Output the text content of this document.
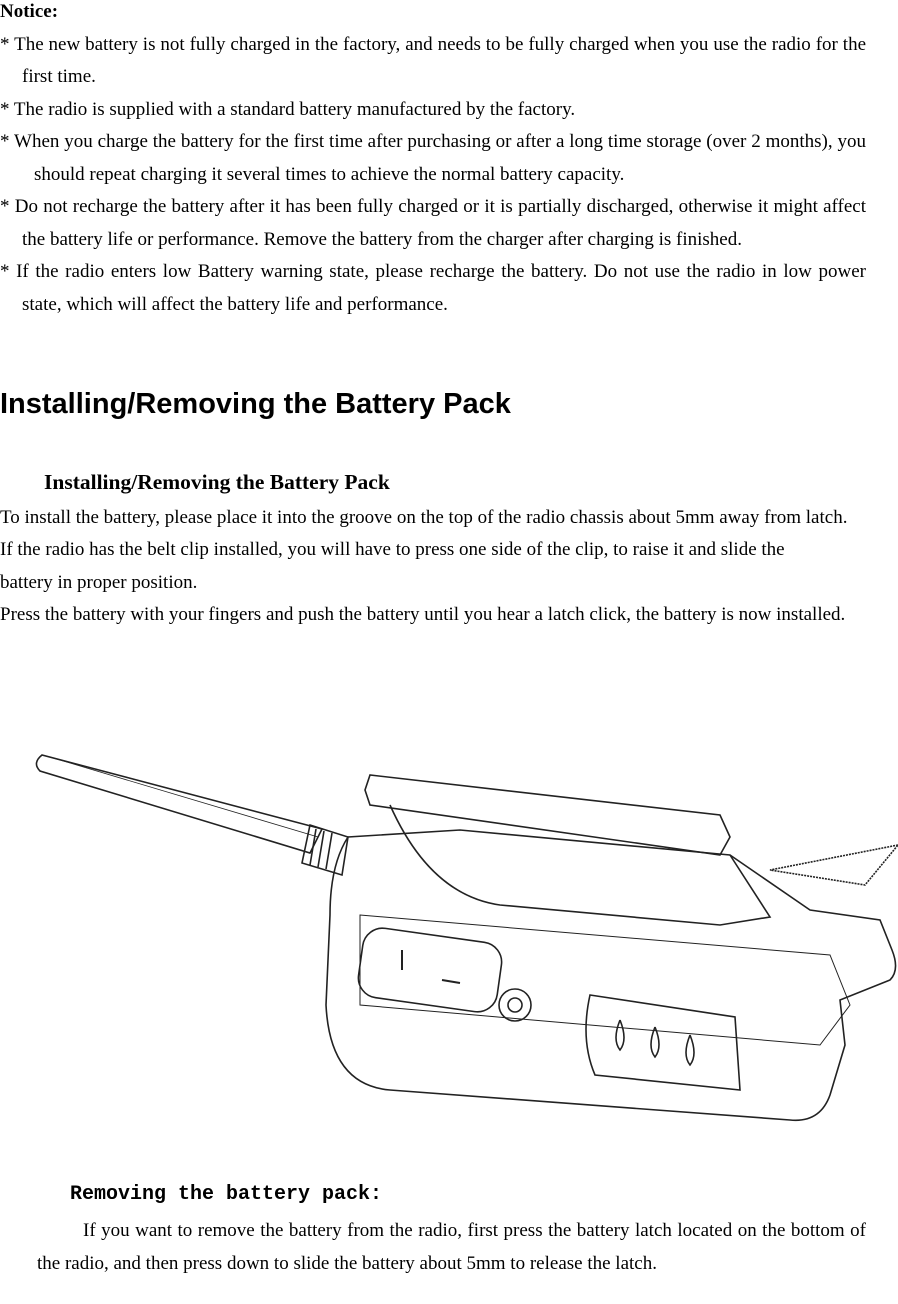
Notice:
* The new battery is not fully charged in the factory, and needs to be fully charged when you use the radio for the first time.
* The radio is supplied with a standard battery manufactured by the factory.
* When you charge the battery for the first time after purchasing or after a long time storage (over 2 months), you should repeat charging it several times to achieve the normal battery capacity.
* Do not recharge the battery after it has been fully charged or it is partially discharged, otherwise it might affect the battery life or performance. Remove the battery from the charger after charging is finished.
* If the radio enters low Battery warning state, please recharge the battery. Do not use the radio in low power state, which will affect the battery life and performance.
Installing/Removing the Battery Pack
Installing/Removing the Battery Pack

To install the battery, please place it into the groove on the top of the radio chassis about 5mm away from latch.

If the radio has the belt clip installed, you will have to press one side of the clip, to raise it and slide the battery in proper position.

Press the battery with your fingers and push the battery until you hear a latch click, the battery is now installed.

Removing the battery pack:
If you want to remove the battery from the radio, first press the battery latch located on the bottom of the radio, and then press down to slide the battery about 5mm to release the latch.
